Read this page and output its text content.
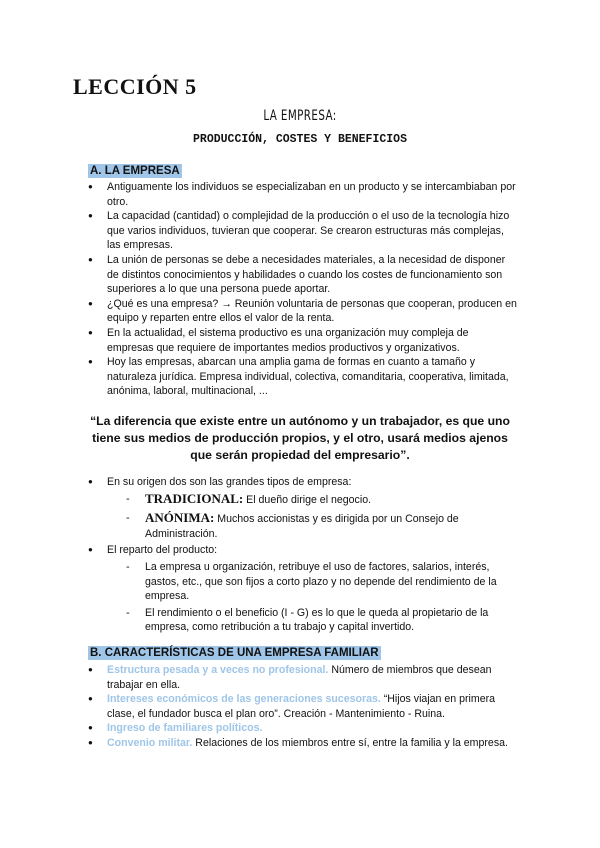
LECCIÓN 5
LA EMPRESA:
PRODUCCIÓN, COSTES Y BENEFICIOS
A. LA EMPRESA
● Antiguamente los individuos se especializaban en un producto y se intercambiaban por otro.
● La capacidad (cantidad) o complejidad de la producción o el uso de la tecnología hizo que varios individuos, tuvieran que cooperar. Se crearon estructuras más complejas, las empresas.
● La unión de personas se debe a necesidades materiales, a la necesidad de disponer de distintos conocimientos y habilidades o cuando los costes de funcionamiento son superiores a lo que una persona puede aportar.
● ¿Qué es una empresa? → Reunión voluntaria de personas que cooperan, producen en equipo y reparten entre ellos el valor de la renta.
● En la actualidad, el sistema productivo es una organización muy compleja de empresas que requiere de importantes medios productivos y organizativos.
● Hoy las empresas, abarcan una amplia gama de formas en cuanto a tamaño y naturaleza jurídica. Empresa individual, colectiva, comanditaria, cooperativa, limitada, anónima, laboral, multinacional, ...
“La diferencia que existe entre un autónomo y un trabajador, es que uno tiene sus medios de producción propios, y el otro, usará medios ajenos que serán propiedad del empresario”.
● En su origen dos son las grandes tipos de empresa:
- TRADICIONAL: El dueño dirige el negocio.
- ANÓNIMA: Muchos accionistas y es dirigida por un Consejo de Administración.
● El reparto del producto:
- La empresa u organización, retribuye el uso de factores, salarios, interés, gastos, etc., que son fijos a corto plazo y no depende del rendimiento de la empresa.
- El rendimiento o el beneficio (I - G) es lo que le queda al propietario de la empresa, como retribución a tu trabajo y capital invertido.
B. CARACTERÍSTICAS DE UNA EMPRESA FAMILIAR
● Estructura pesada y a veces no profesional. Número de miembros que desean trabajar en ella.
● Intereses económicos de las generaciones sucesoras. “Hijos viajan en primera clase, el fundador busca el plan oro”. Creación - Mantenimiento - Ruina.
● Ingreso de familiares políticos.
● Convenio militar. Relaciones de los miembros entre sí, entre la familia y la empresa.
